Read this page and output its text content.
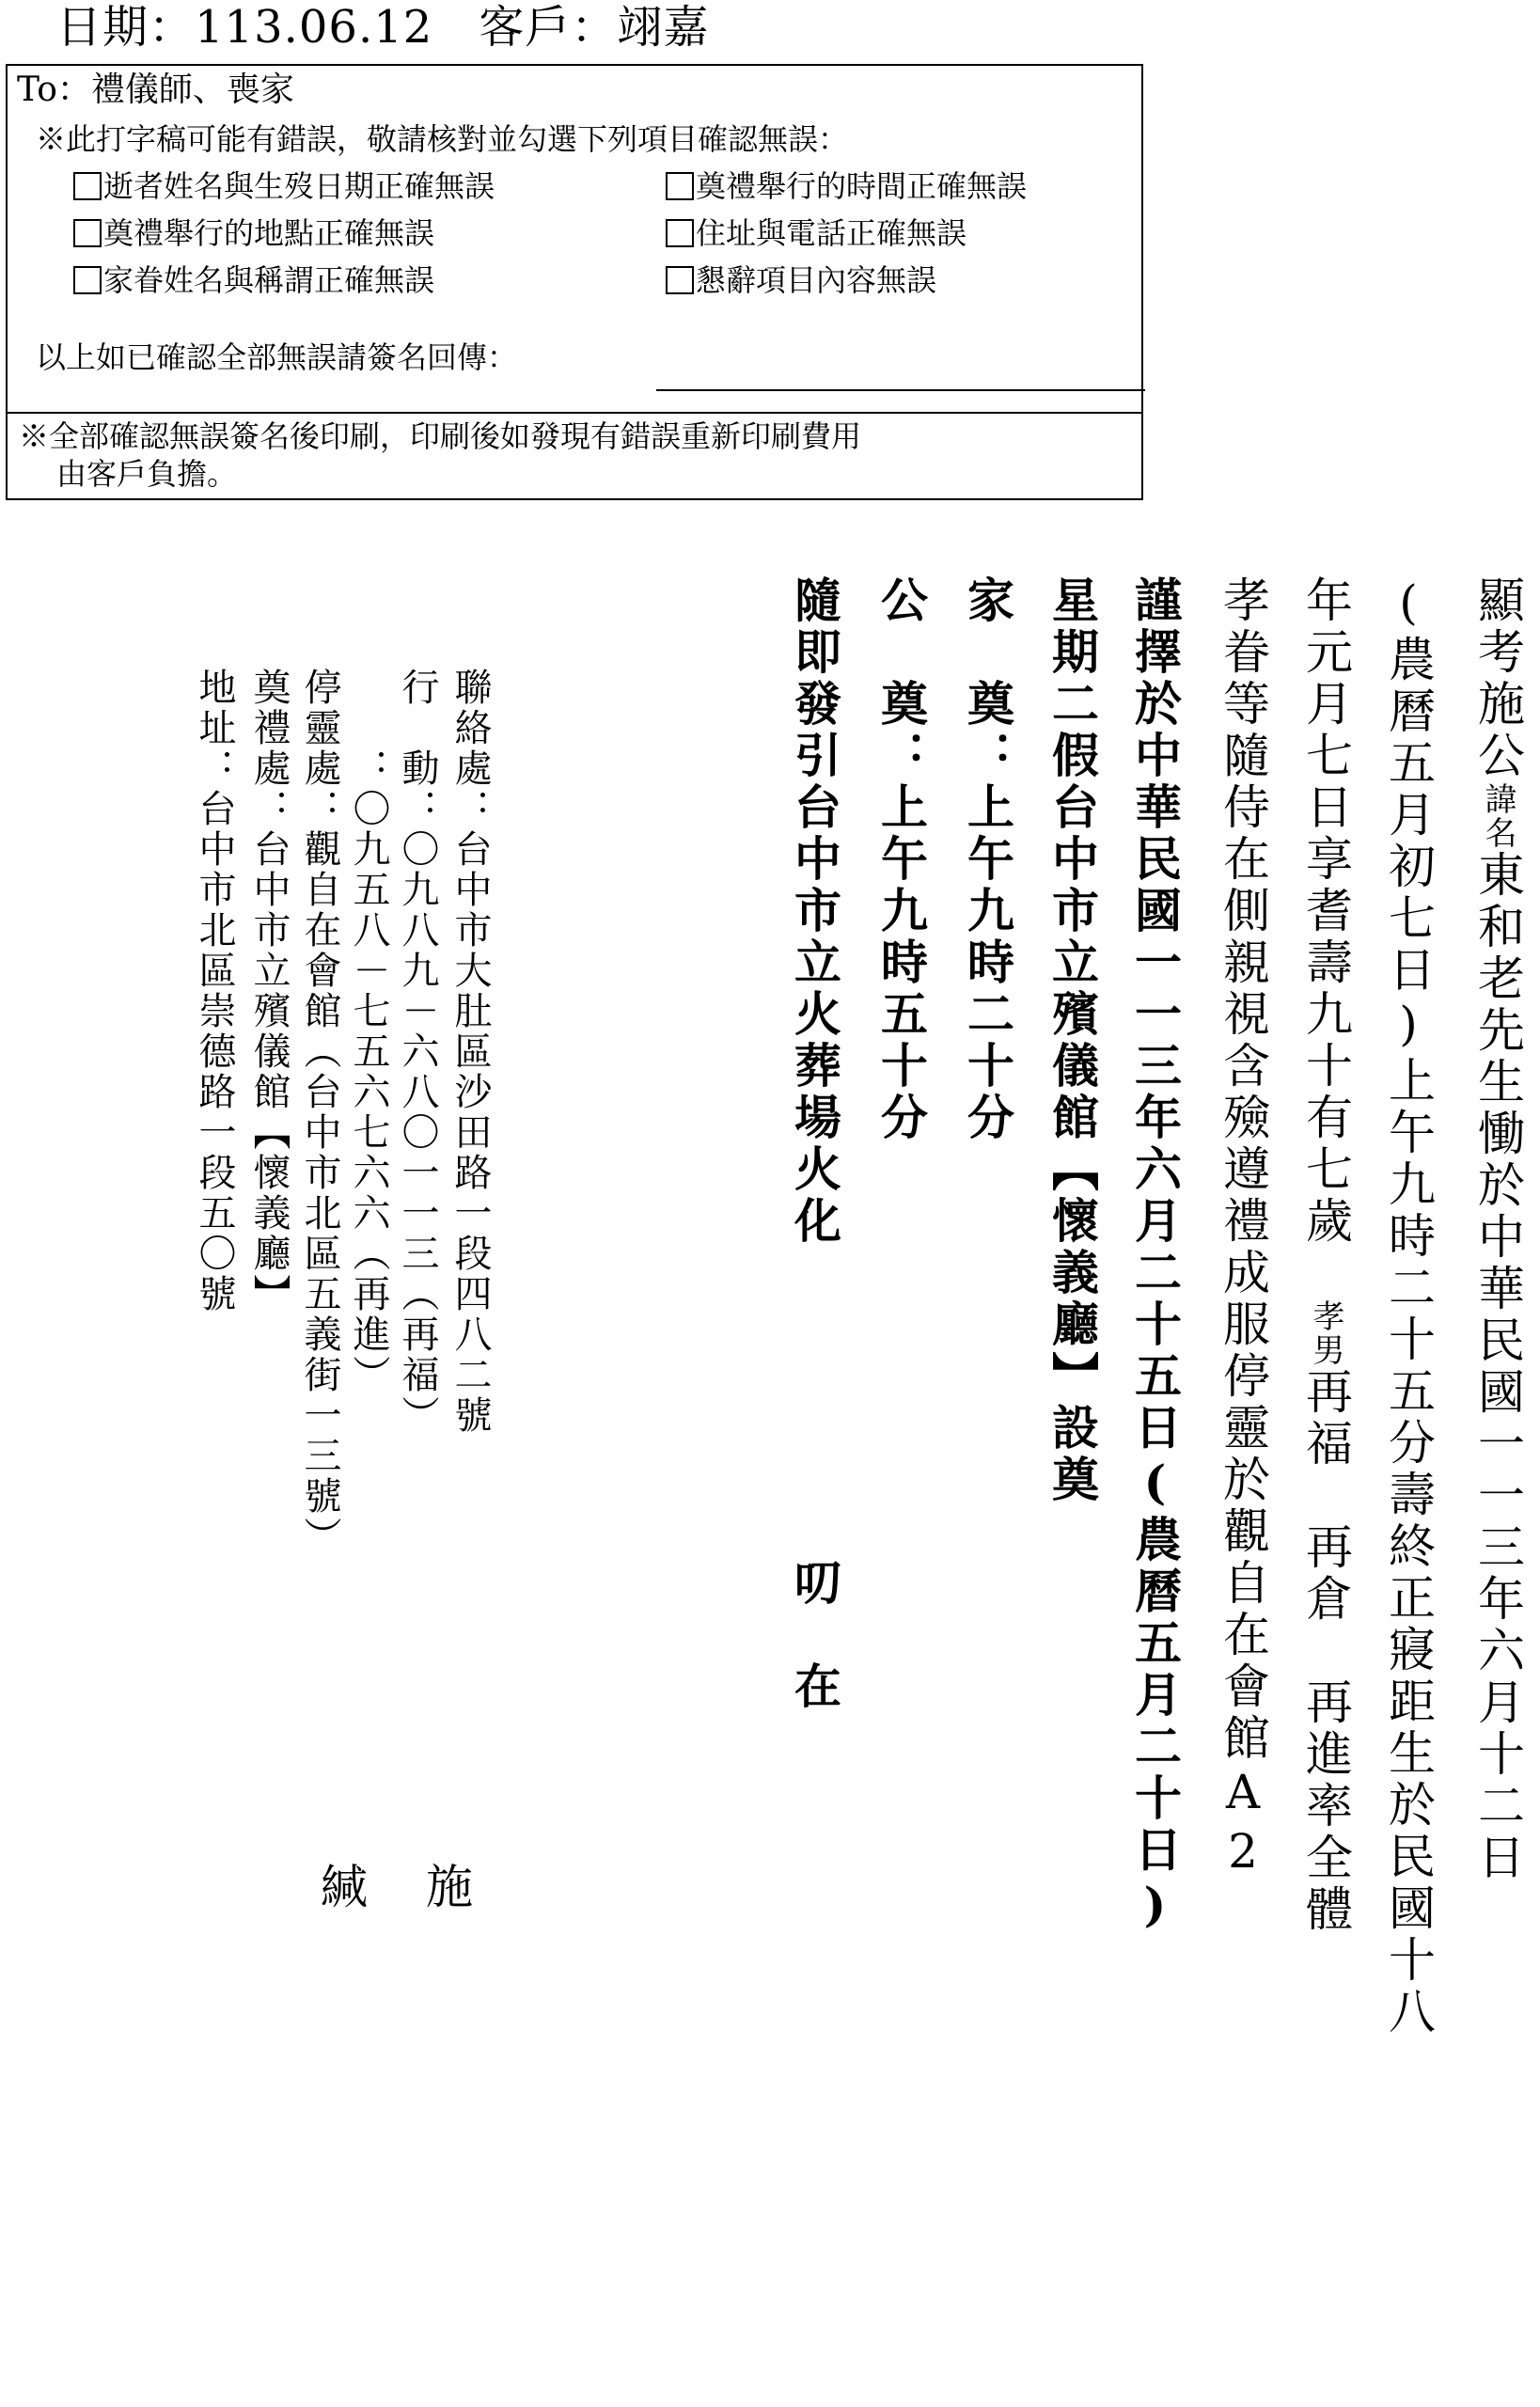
日期：113.06.12　 客戶：翊嘉
To：禮儀師、喪家
※此打字稿可能有錯誤，敬請核對並勾選下列項目確認無誤：
逝者姓名與生歿日期正確無誤	奠禮舉行的時間正確無誤
奠禮舉行的地點正確無誤	住址與電話正確無誤
家眷姓名與稱謂正確無誤	懇辭項目內容無誤
以上如已確認全部無誤請簽名回傳：
※全部確認無誤簽名後印刷，印刷後如發現有錯誤重新印刷費用
由客戶負擔。
顯考施公諱名東和老先生慟於中華民國一一三年六月十二日
(農曆五月初七日)上午九時二十五分壽終正寢距生於民國十八
年元月七日享耆壽九十有七歲　孝男再福　再倉　再進率全體
孝眷等隨侍在側親視含殮遵禮成服停靈於觀自在會館A2
謹擇於中華民國一一三年六月二十五日(農曆五月二十日)
星期二假台中市立殯儀館【懷義廳】設奠
家　奠：上午九時二十分
公　奠：上午九時五十分
隨即發引台中市立火葬場火化　　　　　　叨　在
聯絡處：台中市大肚區沙田路一段四八二號
行　動：〇九八九－六八〇一一三（再福）
　　：〇九五八－七五六七六六（再進）
停靈處：觀自在會館（台中市北區五義街一三號）
奠禮處：台中市立殯儀館【懷義廳】
地址：台中市北區崇德路一段五〇號
施

緘
